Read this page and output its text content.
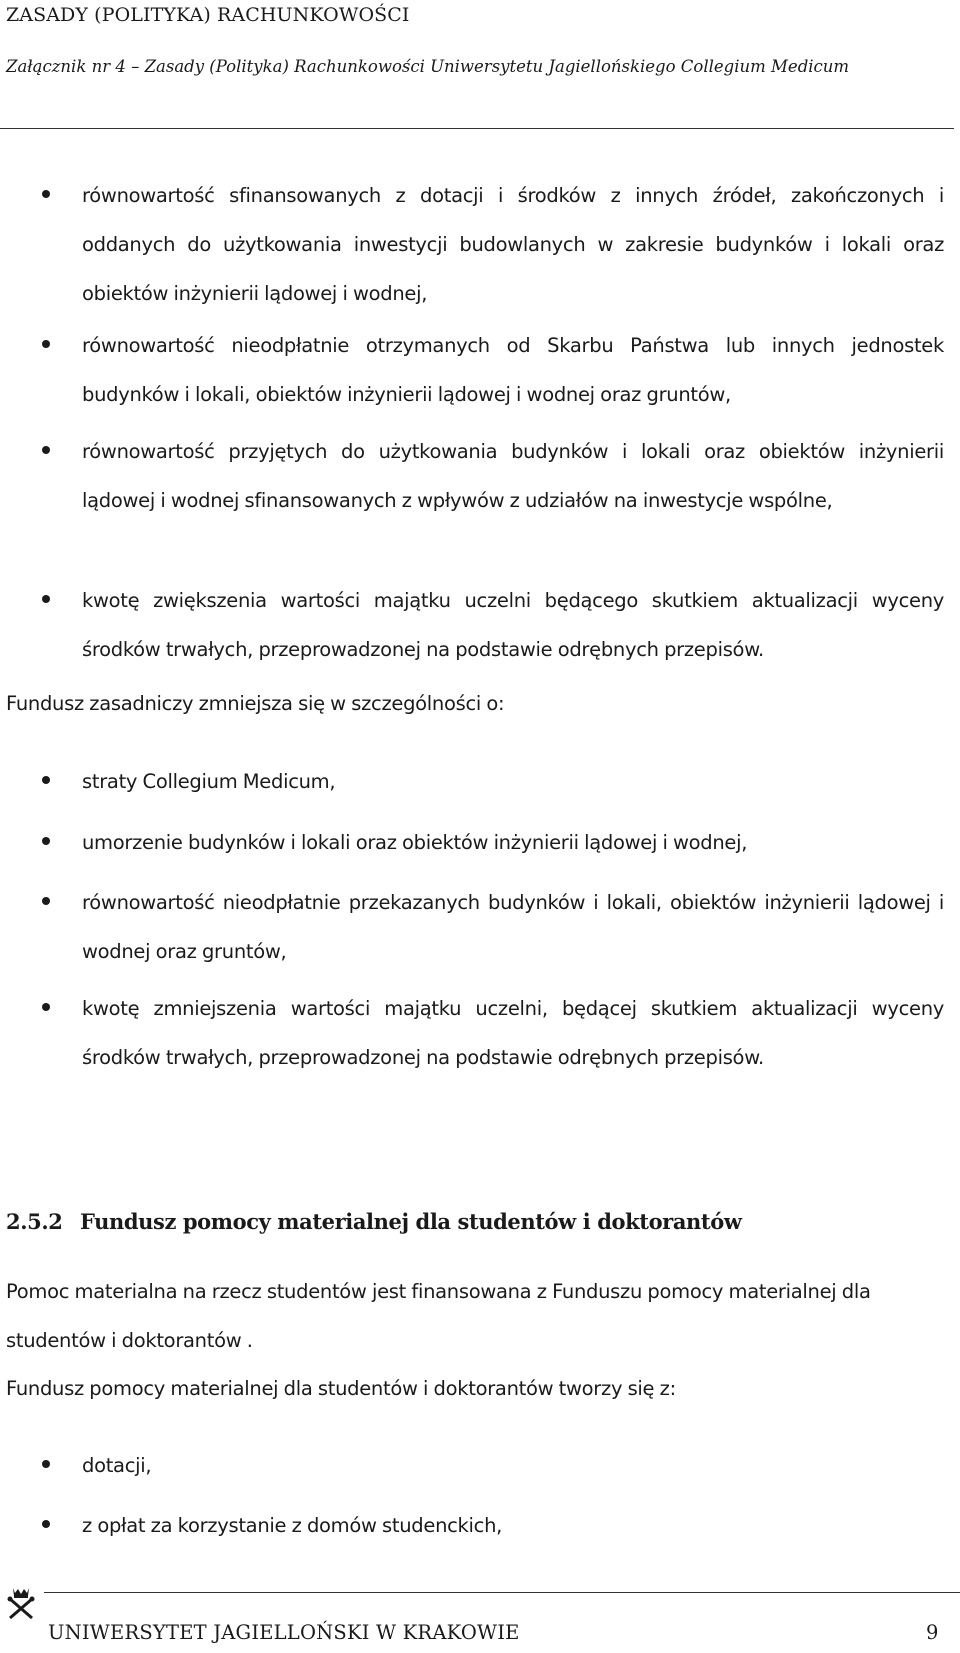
ZASADY (POLITYKA) RACHUNKOWOŚCI
Załącznik nr 4 – Zasady (Polityka) Rachunkowości Uniwersytetu Jagiellońskiego Collegium Medicum
równowartość sfinansowanych z dotacji i środków z innych źródeł, zakończonych i oddanych do użytkowania inwestycji budowlanych w zakresie budynków i lokali oraz obiektów inżynierii lądowej i wodnej,
równowartość nieodpłatnie otrzymanych od Skarbu Państwa lub innych jednostek budynków i lokali, obiektów inżynierii lądowej i wodnej oraz gruntów,
równowartość przyjętych do użytkowania budynków i lokali oraz obiektów inżynierii lądowej i wodnej sfinansowanych z wpływów z udziałów na inwestycje wspólne,
kwotę zwiększenia wartości majątku uczelni będącego skutkiem aktualizacji wyceny środków trwałych, przeprowadzonej na podstawie odrębnych przepisów.
Fundusz zasadniczy zmniejsza się w szczególności o:
straty Collegium Medicum,
umorzenie budynków i lokali oraz obiektów inżynierii lądowej i wodnej,
równowartość nieodpłatnie przekazanych budynków i lokali, obiektów inżynierii lądowej i wodnej oraz gruntów,
kwotę zmniejszenia wartości majątku uczelni, będącej skutkiem aktualizacji wyceny środków trwałych, przeprowadzonej na podstawie odrębnych przepisów.
2.5.2 Fundusz pomocy materialnej dla studentów i doktorantów
Pomoc materialna na rzecz studentów jest finansowana z Funduszu pomocy materialnej dla studentów i doktorantów .
Fundusz pomocy materialnej dla studentów i doktorantów tworzy się z:
dotacji,
z opłat za korzystanie z domów studenckich,
UNIWERSYTET JAGIELLOŃSKI W KRAKOWIE	9
